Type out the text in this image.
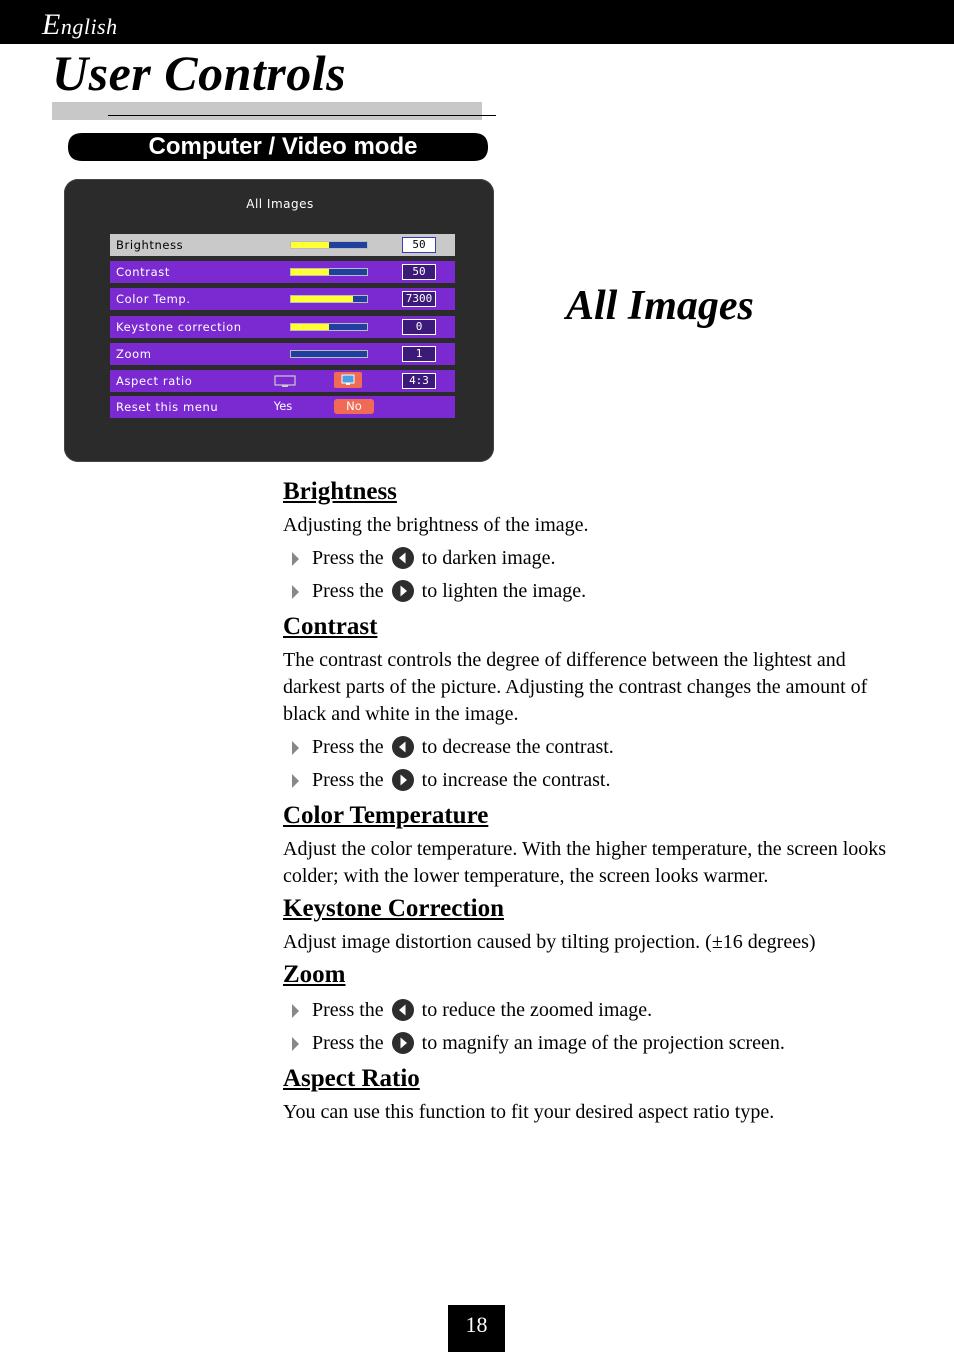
English
User Controls
Computer / Video mode
All Images
Brightness	50
Contrast	50
Color Temp.	7300
Keystone correction	0
Zoom	1
Aspect ratio	4:3
Reset this menu	Yes	No
All Images
Brightness
Adjusting the brightness of the image.
Press the to darken image.
Press the to lighten the image.
Contrast
The contrast controls the degree of difference between the lightest and darkest parts of the picture. Adjusting the contrast changes the amount of black and white in the image.
Press the to decrease the contrast.
Press the to increase the contrast.
Color Temperature
Adjust the color temperature. With the higher temperature, the screen looks colder; with the lower temperature, the screen looks warmer.
Keystone Correction
Adjust image distortion caused by tilting projection. (±16 degrees)
Zoom
Press the to reduce the zoomed image.
Press the to magnify an image of the projection screen.
Aspect Ratio
You can use this function to fit your desired aspect ratio type.
18
